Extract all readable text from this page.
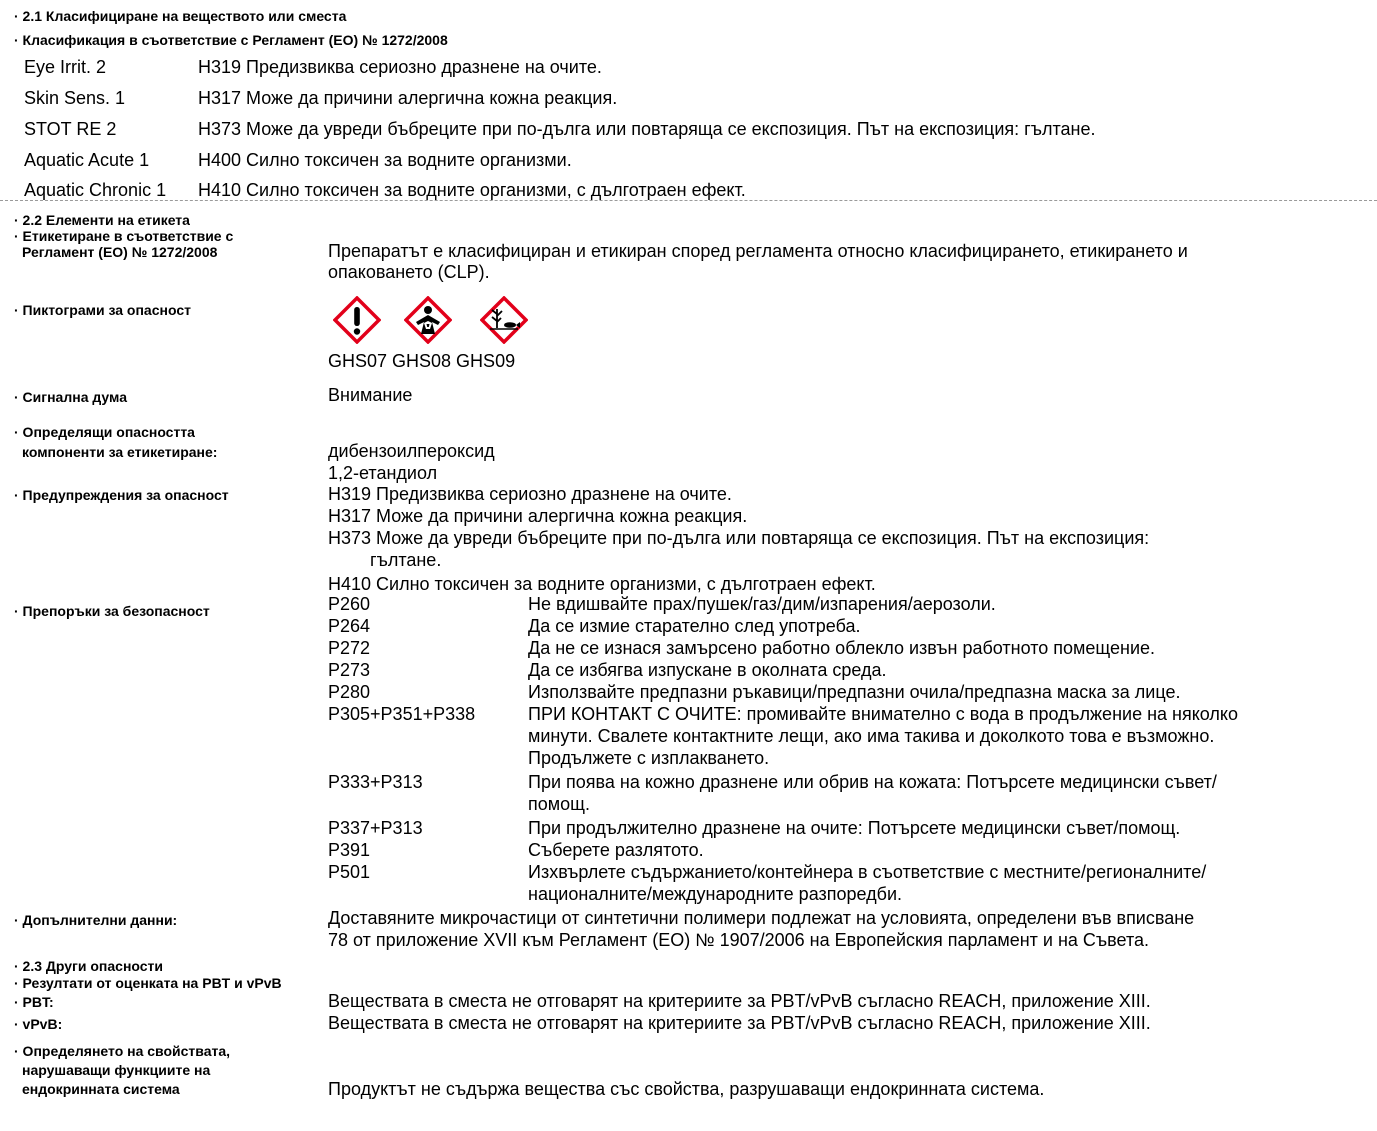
· 2.1 Класифициране на веществото или сместа
· Класификация в съответствие с Регламент (ЕО) № 1272/2008
Eye Irrit. 2	H319 Предизвиква сериозно дразнене на очите.
Skin Sens. 1	H317 Може да причини алергична кожна реакция.
STOT RE 2	H373 Може да увреди бъбреците при по-дълга или повтаряща се експозиция. Път на експозиция: гълтане.
Aquatic Acute 1	H400 Силно токсичен за водните организми.
Aquatic Chronic 1 H410 Силно токсичен за водните организми, с дълготраен ефект.
· 2.2 Елементи на етикета
· Етикетиране в съответствие с
Регламент (ЕО) № 1272/2008	Препаратът е класифициран и етикиран според регламента относно класифицирането, етикирането и
опаковането (CLP).
· Пиктограми за опасност
GHS07 GHS08 GHS09
· Сигнална дума	Внимание
· Определящи опасността
компоненти за етикетиране:	дибензоилпероксид
1,2-етандиол
· Предупреждения за опасност	H319 Предизвиква сериозно дразнене на очите.
H317 Може да причини алергична кожна реакция.
H373 Може да увреди бъбреците при по-дълга или повтаряща се експозиция. Път на експозиция:
гълтане.
H410 Силно токсичен за водните организми, с дълготраен ефект.
· Препоръки за безопасност	P260	Не вдишвайте прах/пушек/газ/дим/изпарения/аерозоли.
P264	Да се измие старателно след употреба.
P272	Да не се изнася замърсено работно облекло извън работното помещение.
P273	Да се избягва изпускане в околната среда.
P280	Използвайте предпазни ръкавици/предпазни очила/предпазна маска за лице.
P305+P351+P338	ПРИ КОНТАКТ С ОЧИТЕ: промивайте внимателно с вода в продължение на няколко
минути. Свалете контактните лещи, ако има такива и доколкото това е възможно.
Продължете с изплакването.
P333+P313	При поява на кожно дразнене или обрив на кожата: Потърсете медицински съвет/
помощ.
P337+P313	При продължително дразнене на очите: Потърсете медицински съвет/помощ.
P391	Съберете разлятото.
P501	Изхвърлете съдържанието/контейнера в съответствие с местните/регионалните/
националните/международните разпоредби.
· Допълнителни данни:	Доставяните микрочастици от синтетични полимери подлежат на условията, определени във вписване
78 от приложение XVII към Регламент (ЕО) № 1907/2006 на Европейския парламент и на Съвета.
· 2.3 Други опасности
· Резултати от оценката на PBT и vPvB
· PBT:	Веществата в сместа не отговарят на критериите за PBT/vPvB съгласно REACH, приложение XIII.
· vPvB:	Веществата в сместа не отговарят на критериите за PBT/vPvB съгласно REACH, приложение XIII.
· Определянето на свойствата,
нарушаващи функциите на
ендокринната система	Продуктът не съдържа вещества със свойства, разрушаващи ендокринната система.
